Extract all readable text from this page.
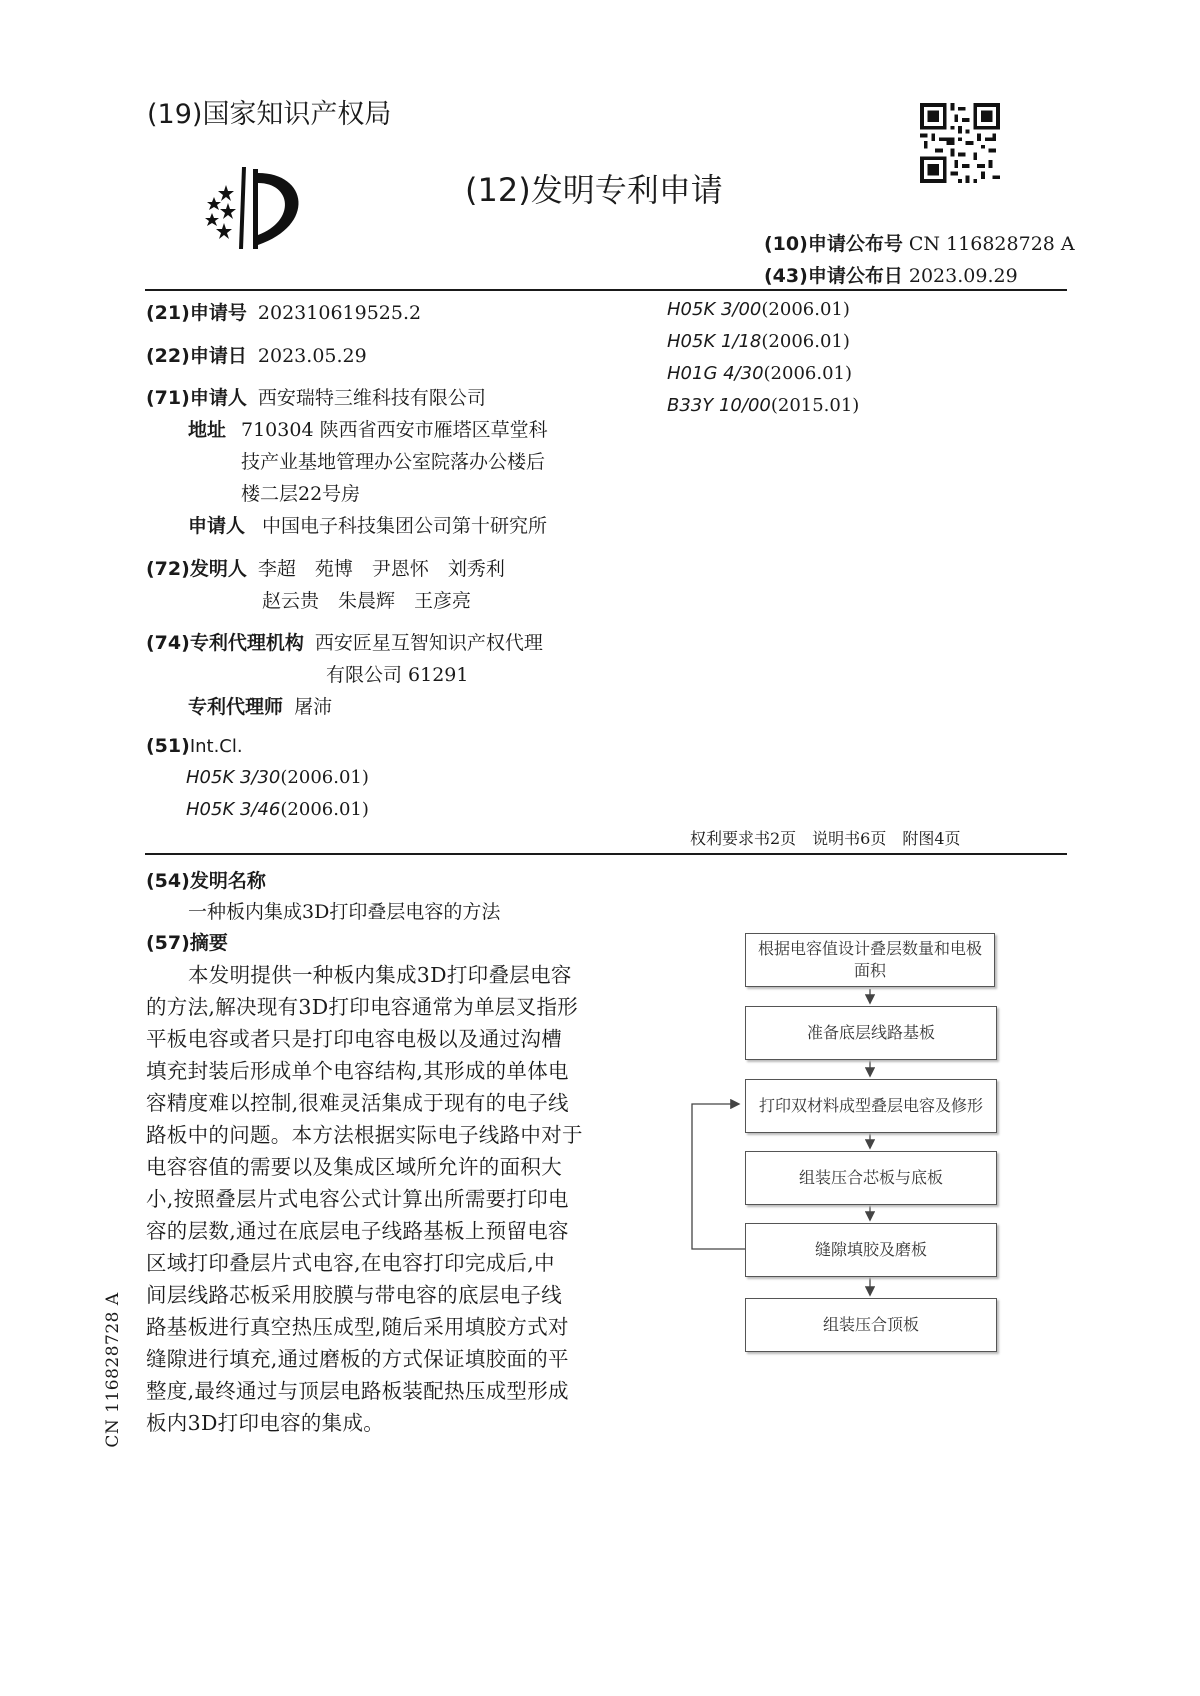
(19)国家知识产权局
(12)发明专利申请
(10)申请公布号 CN 116828728 A
(43)申请公布日 2023.09.29
(21)申请号 202310619525.2
(22)申请日 2023.05.29
(71)申请人 西安瑞特三维科技有限公司
地址 710304 陕西省西安市雁塔区草堂科
技产业基地管理办公室院落办公楼后
楼二层22号房
申请人 中国电子科技集团公司第十研究所
(72)发明人 李超　苑博　尹恩怀　刘秀利
赵云贵　朱晨辉　王彦亮
(74)专利代理机构 西安匠星互智知识产权代理
有限公司 61291
专利代理师 屠沛
(51)Int.Cl.
H05K 3/30(2006.01)
H05K 3/46(2006.01)
H05K 3/00(2006.01)
H05K 1/18(2006.01)
H01G 4/30(2006.01)
B33Y 10/00(2015.01)
权利要求书2页　说明书6页　附图4页
(54)发明名称
一种板内集成3D打印叠层电容的方法
(57)摘要
本发明提供一种板内集成3D打印叠层电容
的方法,解决现有3D打印电容通常为单层叉指形
平板电容或者只是打印电容电极以及通过沟槽
填充封装后形成单个电容结构,其形成的单体电
容精度难以控制,很难灵活集成于现有的电子线
路板中的问题。本方法根据实际电子线路中对于
电容容值的需要以及集成区域所允许的面积大
小,按照叠层片式电容公式计算出所需要打印电
容的层数,通过在底层电子线路基板上预留电容
区域打印叠层片式电容,在电容打印完成后,中
间层线路芯板采用胶膜与带电容的底层电子线
路基板进行真空热压成型,随后采用填胶方式对
缝隙进行填充,通过磨板的方式保证填胶面的平
整度,最终通过与顶层电路板装配热压成型形成
板内3D打印电容的集成。
根据电容值设计叠层数量和电极面积
准备底层线路基板
打印双材料成型叠层电容及修形
组装压合芯板与底板
缝隙填胶及磨板
组装压合顶板
CN 116828728 A
